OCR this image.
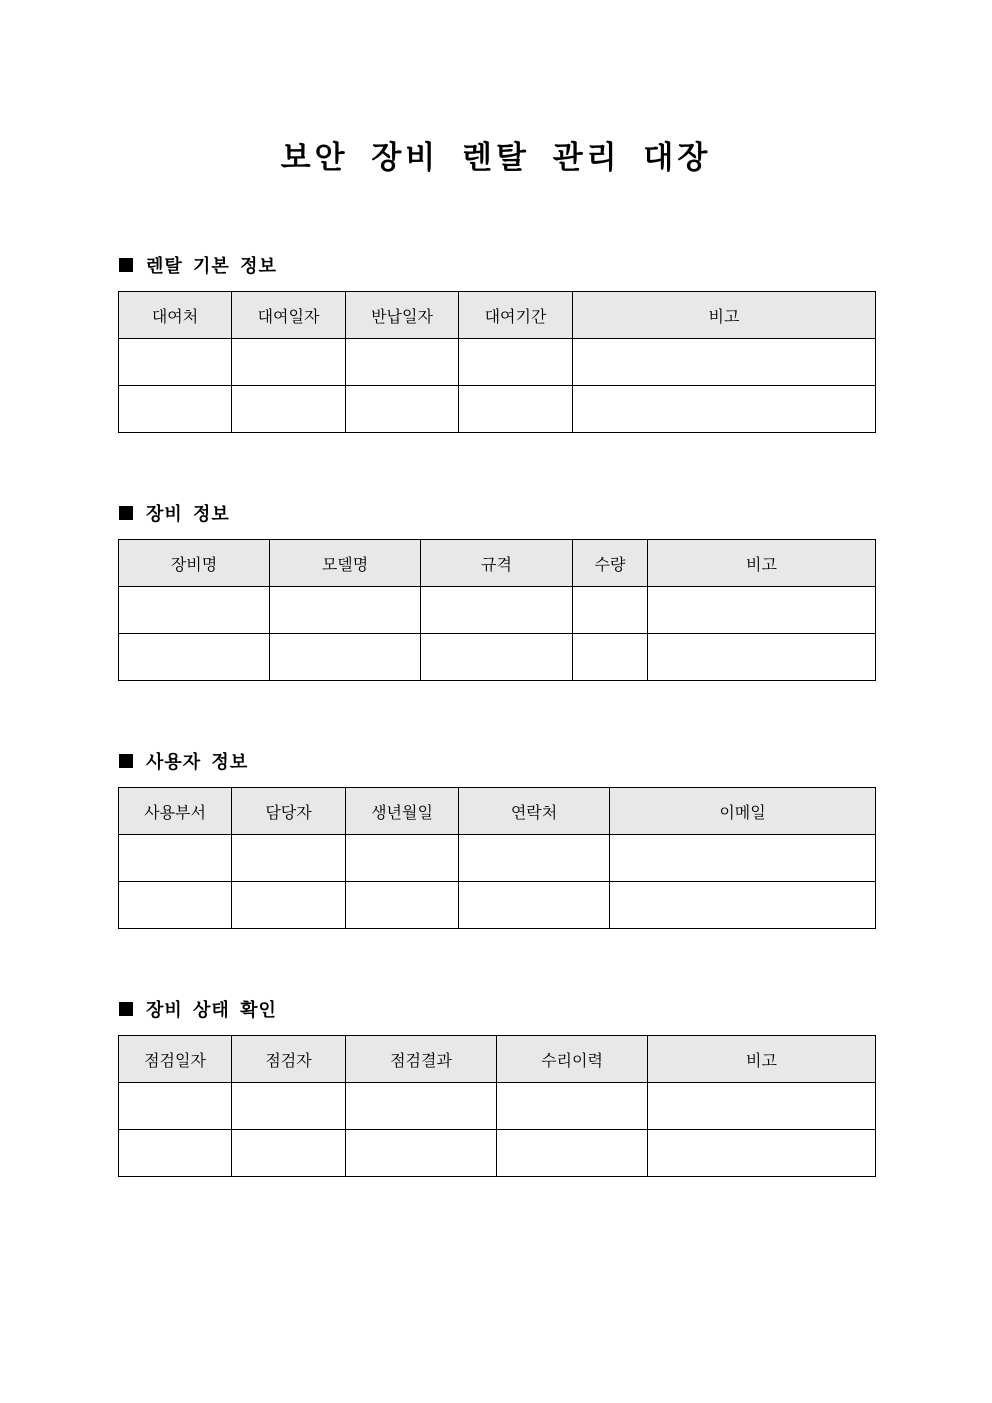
보안 장비 렌탈 관리 대장
렌탈 기본 정보
대여처	대여일자	반납일자	대여기간	비고

장비 정보
장비명	모델명	규격	수량	비고

사용자 정보
사용부서	담당자	생년월일	연락처	이메일

장비 상태 확인
점검일자	점검자	점검결과	수리이력	비고
